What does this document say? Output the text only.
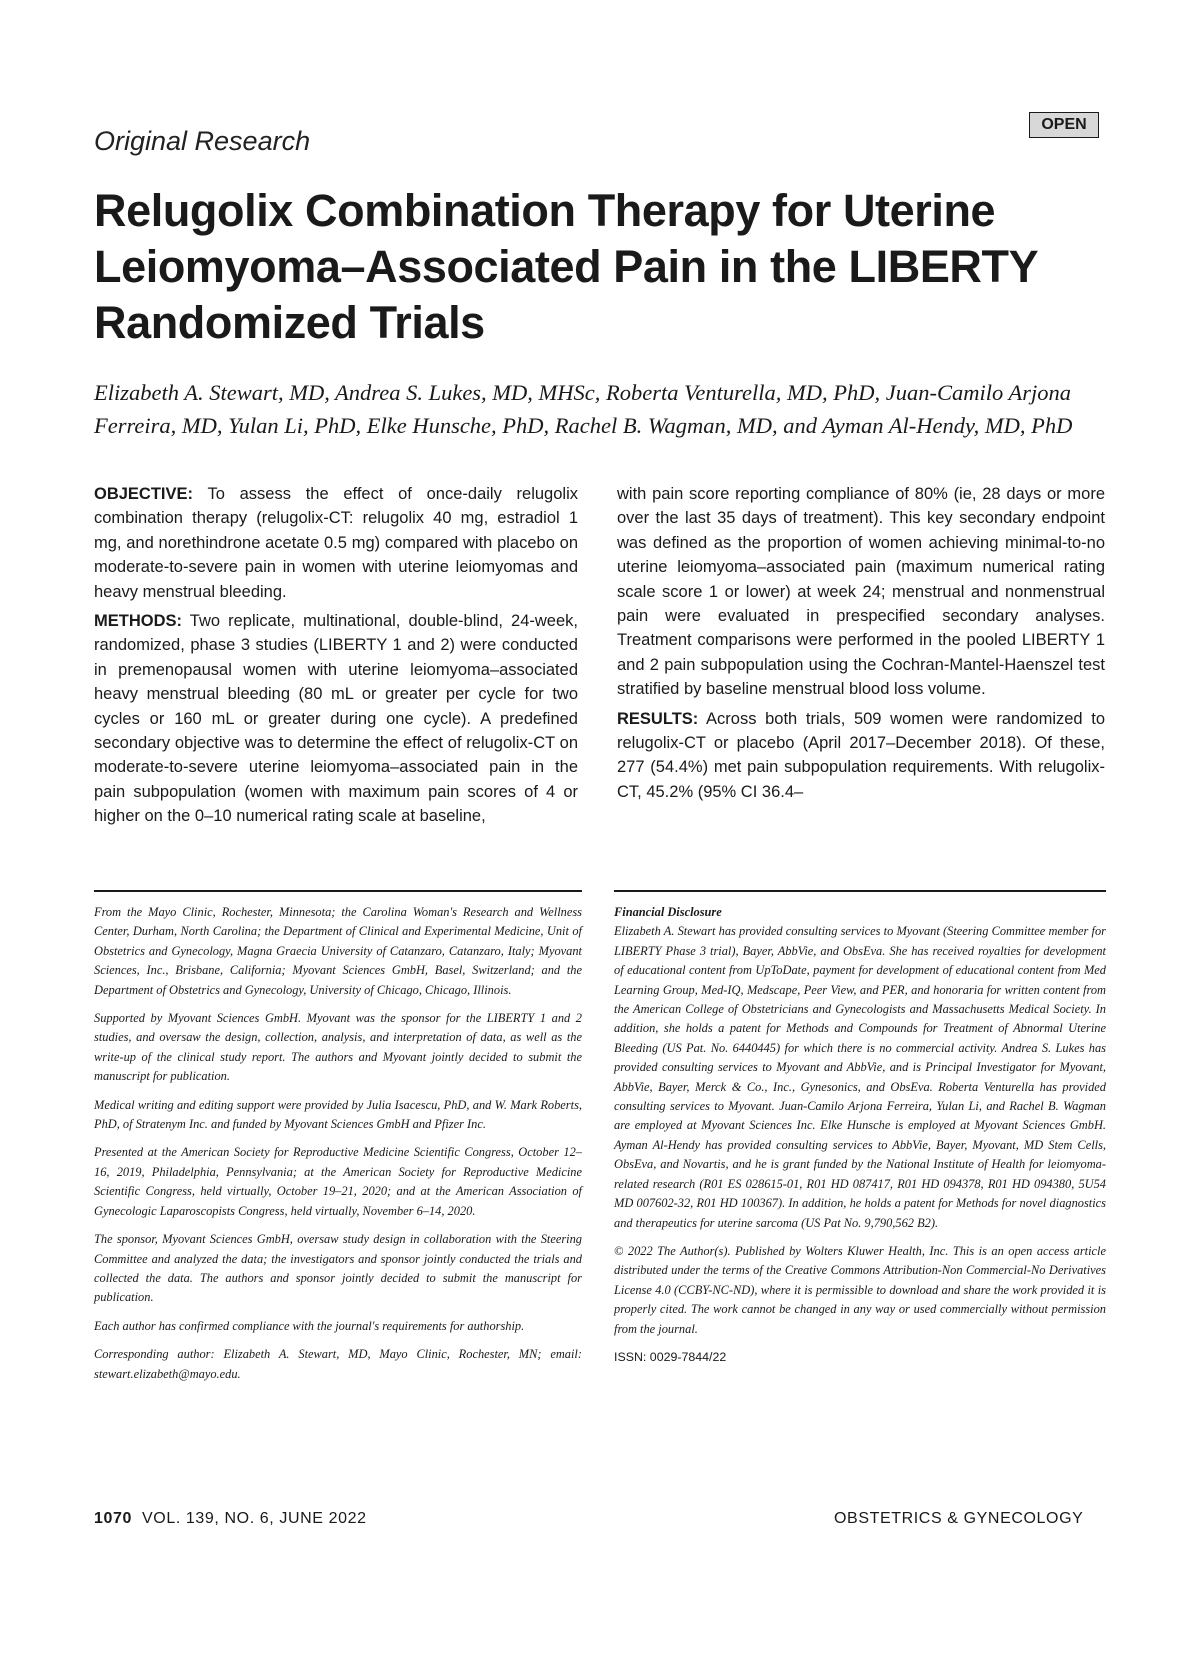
OPEN
Original Research
Relugolix Combination Therapy for Uterine Leiomyoma–Associated Pain in the LIBERTY Randomized Trials

Elizabeth A. Stewart, MD, Andrea S. Lukes, MD, MHSc, Roberta Venturella, MD, PhD, Juan-Camilo Arjona Ferreira, MD, Yulan Li, PhD, Elke Hunsche, PhD, Rachel B. Wagman, MD, and Ayman Al-Hendy, MD, PhD

OBJECTIVE: To assess the effect of once-daily relugolix combination therapy (relugolix-CT: relugolix 40 mg, estradiol 1 mg, and norethindrone acetate 0.5 mg) compared with placebo on moderate-to-severe pain in women with uterine leiomyomas and heavy menstrual bleeding.

METHODS: Two replicate, multinational, double-blind, 24-week, randomized, phase 3 studies (LIBERTY 1 and 2) were conducted in premenopausal women with uterine leiomyoma–associated heavy menstrual bleeding (80 mL or greater per cycle for two cycles or 160 mL or greater during one cycle). A predefined secondary objective was to determine the effect of relugolix-CT on moderate-to-severe uterine leiomyoma–associated pain in the pain subpopulation (women with maximum pain scores of 4 or higher on the 0–10 numerical rating scale at baseline,

with pain score reporting compliance of 80% (ie, 28 days or more over the last 35 days of treatment). This key secondary endpoint was defined as the proportion of women achieving minimal-to-no uterine leiomyoma–associated pain (maximum numerical rating scale score 1 or lower) at week 24; menstrual and nonmenstrual pain were evaluated in prespecified secondary analyses. Treatment comparisons were performed in the pooled LIBERTY 1 and 2 pain subpopulation using the Cochran-Mantel-Haenszel test stratified by baseline menstrual blood loss volume.

RESULTS: Across both trials, 509 women were randomized to relugolix-CT or placebo (April 2017–December 2018). Of these, 277 (54.4%) met pain subpopulation requirements. With relugolix-CT, 45.2% (95% CI 36.4–

From the Mayo Clinic, Rochester, Minnesota; the Carolina Woman's Research and Wellness Center, Durham, North Carolina; the Department of Clinical and Experimental Medicine, Unit of Obstetrics and Gynecology, Magna Graecia University of Catanzaro, Catanzaro, Italy; Myovant Sciences, Inc., Brisbane, California; Myovant Sciences GmbH, Basel, Switzerland; and the Department of Obstetrics and Gynecology, University of Chicago, Chicago, Illinois.

Supported by Myovant Sciences GmbH. Myovant was the sponsor for the LIBERTY 1 and 2 studies, and oversaw the design, collection, analysis, and interpretation of data, as well as the write-up of the clinical study report. The authors and Myovant jointly decided to submit the manuscript for publication.

Medical writing and editing support were provided by Julia Isacescu, PhD, and W. Mark Roberts, PhD, of Stratenym Inc. and funded by Myovant Sciences GmbH and Pfizer Inc.

Presented at the American Society for Reproductive Medicine Scientific Congress, October 12–16, 2019, Philadelphia, Pennsylvania; at the American Society for Reproductive Medicine Scientific Congress, held virtually, October 19–21, 2020; and at the American Association of Gynecologic Laparoscopists Congress, held virtually, November 6–14, 2020.

The sponsor, Myovant Sciences GmbH, oversaw study design in collaboration with the Steering Committee and analyzed the data; the investigators and sponsor jointly conducted the trials and collected the data. The authors and sponsor jointly decided to submit the manuscript for publication.

Each author has confirmed compliance with the journal's requirements for authorship.

Corresponding author: Elizabeth A. Stewart, MD, Mayo Clinic, Rochester, MN; email: stewart.elizabeth@mayo.edu.

Financial Disclosure

Elizabeth A. Stewart has provided consulting services to Myovant (Steering Committee member for LIBERTY Phase 3 trial), Bayer, AbbVie, and ObsEva. She has received royalties for development of educational content from UpToDate, payment for development of educational content from Med Learning Group, Med-IQ, Medscape, Peer View, and PER, and honoraria for written content from the American College of Obstetricians and Gynecologists and Massachusetts Medical Society. In addition, she holds a patent for Methods and Compounds for Treatment of Abnormal Uterine Bleeding (US Pat. No. 6440445) for which there is no commercial activity. Andrea S. Lukes has provided consulting services to Myovant and AbbVie, and is Principal Investigator for Myovant, AbbVie, Bayer, Merck & Co., Inc., Gynesonics, and ObsEva. Roberta Venturella has provided consulting services to Myovant. Juan-Camilo Arjona Ferreira, Yulan Li, and Rachel B. Wagman are employed at Myovant Sciences Inc. Elke Hunsche is employed at Myovant Sciences GmbH. Ayman Al-Hendy has provided consulting services to AbbVie, Bayer, Myovant, MD Stem Cells, ObsEva, and Novartis, and he is grant funded by the National Institute of Health for leiomyoma-related research (R01 ES 028615-01, R01 HD 087417, R01 HD 094378, R01 HD 094380, 5U54 MD 007602-32, R01 HD 100367). In addition, he holds a patent for Methods for novel diagnostics and therapeutics for uterine sarcoma (US Pat No. 9,790,562 B2).

© 2022 The Author(s). Published by Wolters Kluwer Health, Inc. This is an open access article distributed under the terms of the Creative Commons Attribution-Non Commercial-No Derivatives License 4.0 (CCBY-NC-ND), where it is permissible to download and share the work provided it is properly cited. The work cannot be changed in any way or used commercially without permission from the journal.

ISSN: 0029-7844/22

1070 VOL. 139, NO. 6, JUNE 2022	OBSTETRICS & GYNECOLOGY
